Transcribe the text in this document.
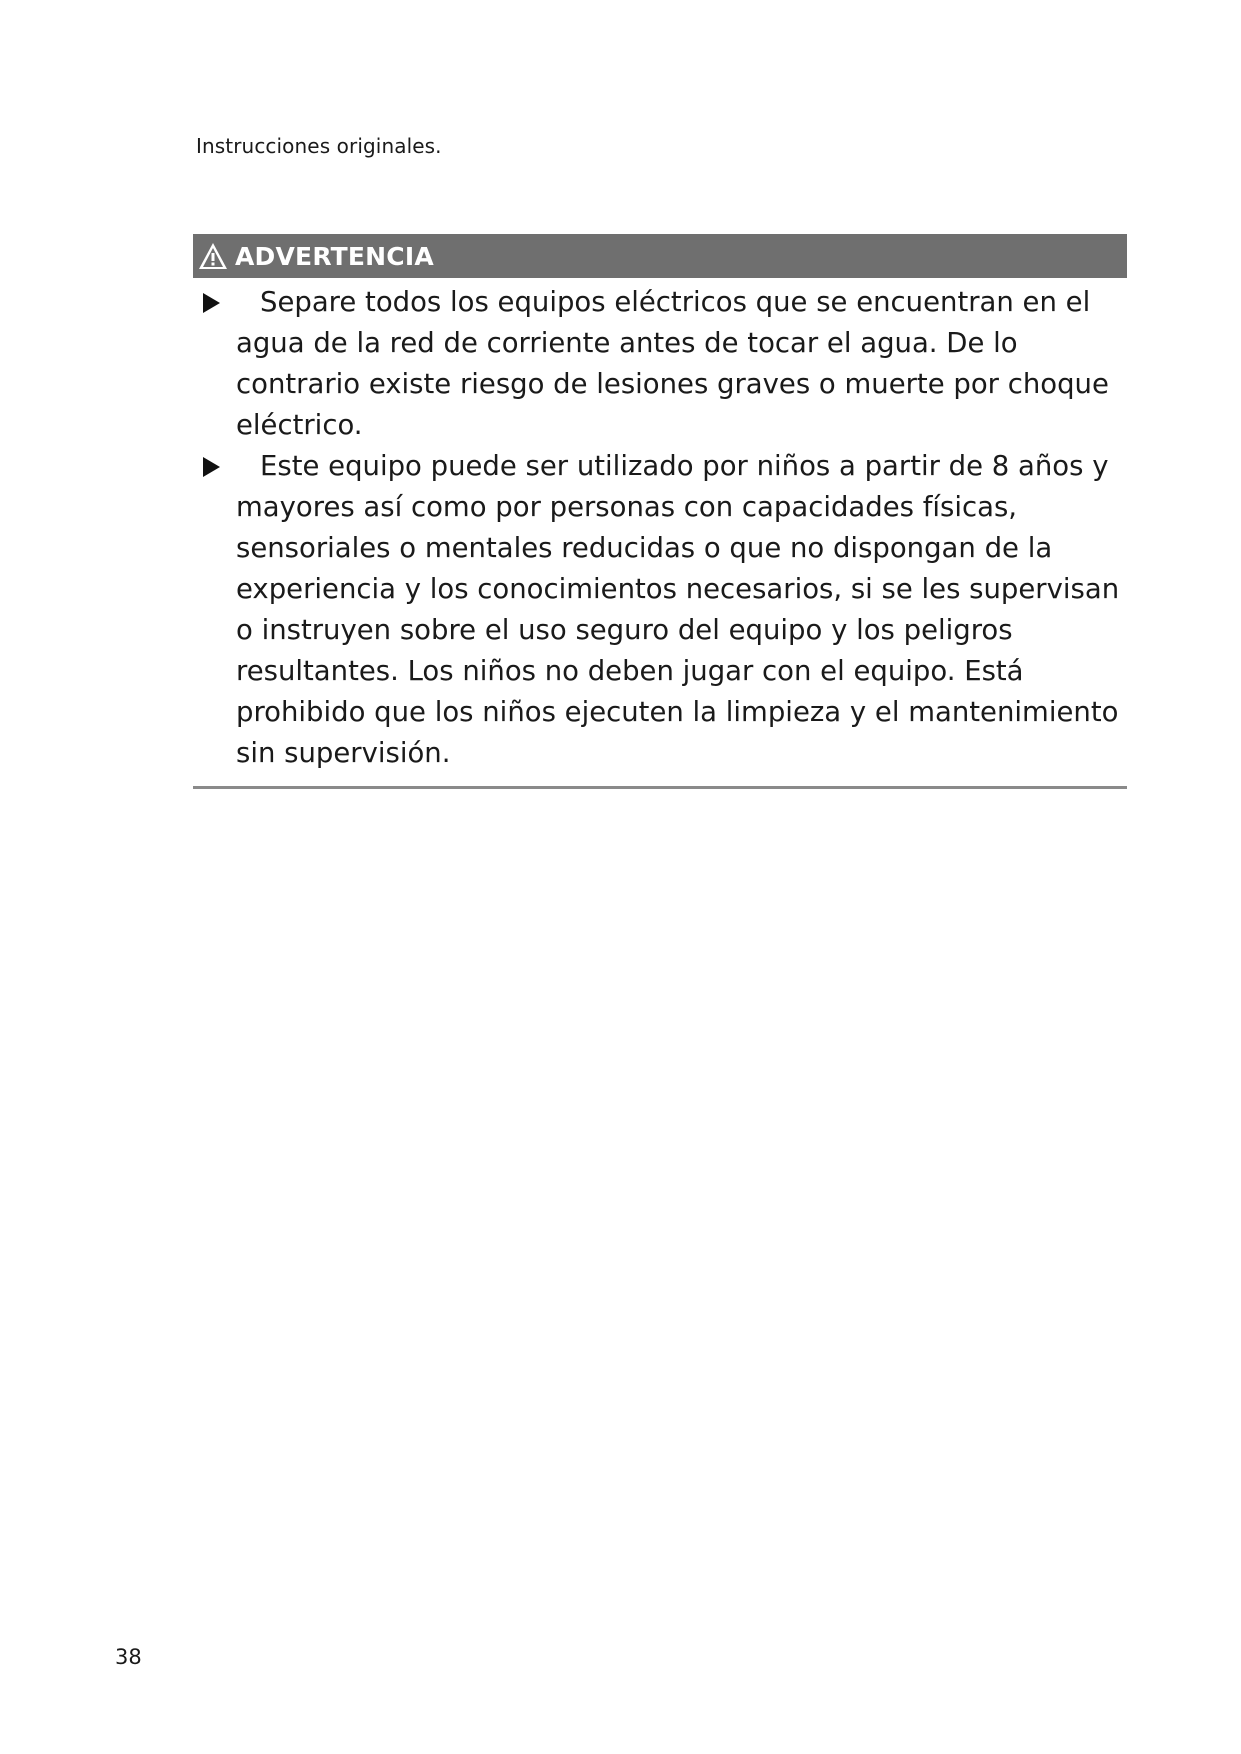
Instrucciones originales.
ADVERTENCIA
Separe todos los equipos eléctricos que se encuentran en el agua de la red de corriente antes de tocar el agua. De lo contrario existe riesgo de lesiones graves o muerte por choque eléctrico.
Este equipo puede ser utilizado por niños a partir de 8 años y mayores así como por personas con capacidades físicas, sensoriales o mentales reducidas o que no dispongan de la experiencia y los conocimientos necesarios, si se les supervisan o instruyen sobre el uso seguro del equipo y los peligros resultantes. Los niños no deben jugar con el equipo. Está prohibido que los niños ejecuten la limpieza y el mantenimiento sin supervisión.
38
